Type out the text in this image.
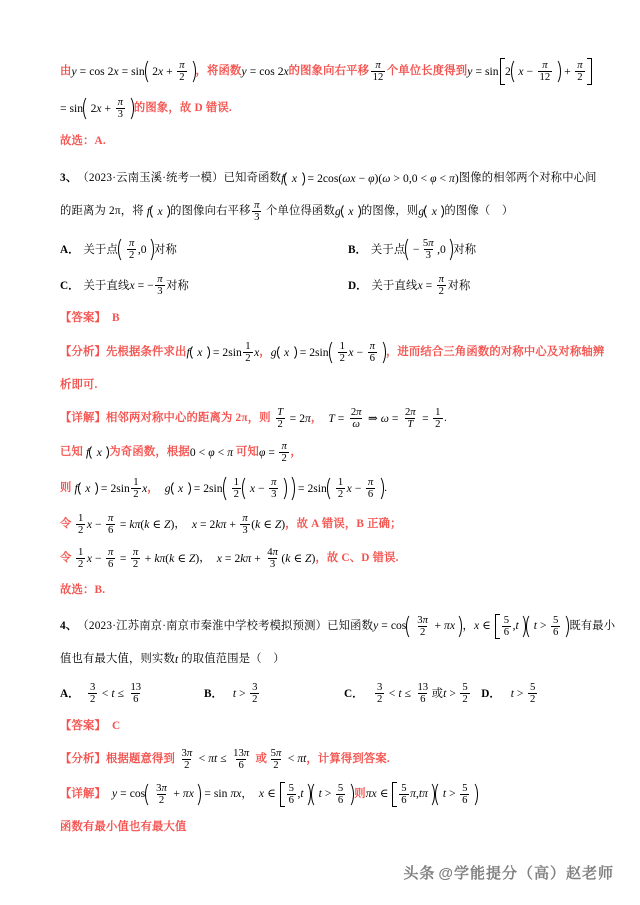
由 y = cos 2 x = sin 2 $x + \frac{\pi}{2}$ ， 将函数 y = cos 2 x 的图象向右平移 $\frac{\pi}{12}$ 个单位长度得到 y = sin 2 $x - \frac{\pi}{12} + \frac{\pi}{2}$
= sin 2 $x + \frac{\pi}{3}$ 的图象， 故 D 错误.
故选：A.
3、 （2023·云南玉溪·统考一模） 已知奇函数 f x = 2 cos ( ωx − φ )( ω > 0,0 < φ < π ) 图像的相邻两个对称中心间
的距离为 2π，将 f x 的图像向右平移 $\frac{\pi}{3}$ 个单位得函数 g x 的图像，则 g x 的图像（　）
A． 关于点 $\frac{\pi}{2} ,0$ 对称	B． 关于点 − $\frac{5\pi}{3} ,0$ 对称
C． 关于直线 x = − $\frac{\pi}{3}$ 对称	D． 关于直线 $x = \frac{\pi}{2}$ 对称
【答案】 B
【分析】 先根据条件求出 f x = 2 $\sin \frac{1}{2}$ x ， g x = 2 $\sin \frac{1}{2}$ $x - \frac{\pi}{6}$ ，进而结合三角函数的对称中心及对称轴辨
析即可.
【详解】 相邻两对称中心的距离为 2π，则 $\frac{T}{2} = 2$ π ， $T = \frac{2\pi}{\omega}$ ⇒ $\omega = \frac{2\pi}{T} = \frac{1}{2}$ .
已知 f x 为奇函数，根据 0 < φ < π 可知 $\varphi = \frac{\pi}{2}$ ，
则 f x = 2 $\sin \frac{1}{2}$ x ， g x = 2 $\sin \frac{1}{2}$ $x - \frac{\pi}{3} = 2$ $\sin \frac{1}{2}$ $x - \frac{\pi}{6}$ .
令 $\frac{1}{2}$ $x - \frac{\pi}{6} = k\pi$ ( k ∈ Z ) ， x = 2 $k\pi + \frac{\pi}{3}$ ( k ∈ Z ) ， 故 A 错误，B 正确；
令 $\frac{1}{2}$ $x - \frac{\pi}{6} = \frac{\pi}{2} + k\pi$ ( k ∈ Z ) ， x = 2 $k\pi + \frac{4\pi}{3}$ ( k ∈ Z ) ， 故 C、D 错误.
故选：B.
4、 （2023·江苏南京·南京市秦淮中学校考模拟预测） 已知函数 $y = \cos \frac{3\pi}{2} + \pi x$ ， x ∈ $\frac{5}{6}$ , t $t > \frac{5}{6}$ 既有最小
值也有最大值，则实数 t 的取值范围是（　）
A． $\frac{3}{2} < t \le \frac{13}{6}$	B． $t > \frac{3}{2}$	C． $\frac{3}{2} < t \le \frac{13}{6}$ 或 $t > \frac{5}{2}$ D． $t > \frac{5}{2}$
【答案】 C
【分析】 根据题意得到 $\frac{3\pi}{2} < \pi t \le \frac{13\pi}{6}$ 或 $\frac{5\pi}{2} < \pi t$ ，计算得到答案.
【详解】 $y = \cos \frac{3\pi}{2} + \pi x = \sin \pi x$ ， x ∈ $\frac{5}{6}$ , t $t > \frac{5}{6}$ 则 πx ∈ $\frac{5}{6}$ π , tπ $t > \frac{5}{6}$
函数有最小值也有最大值
头条 @学能提分（高）赵老师
